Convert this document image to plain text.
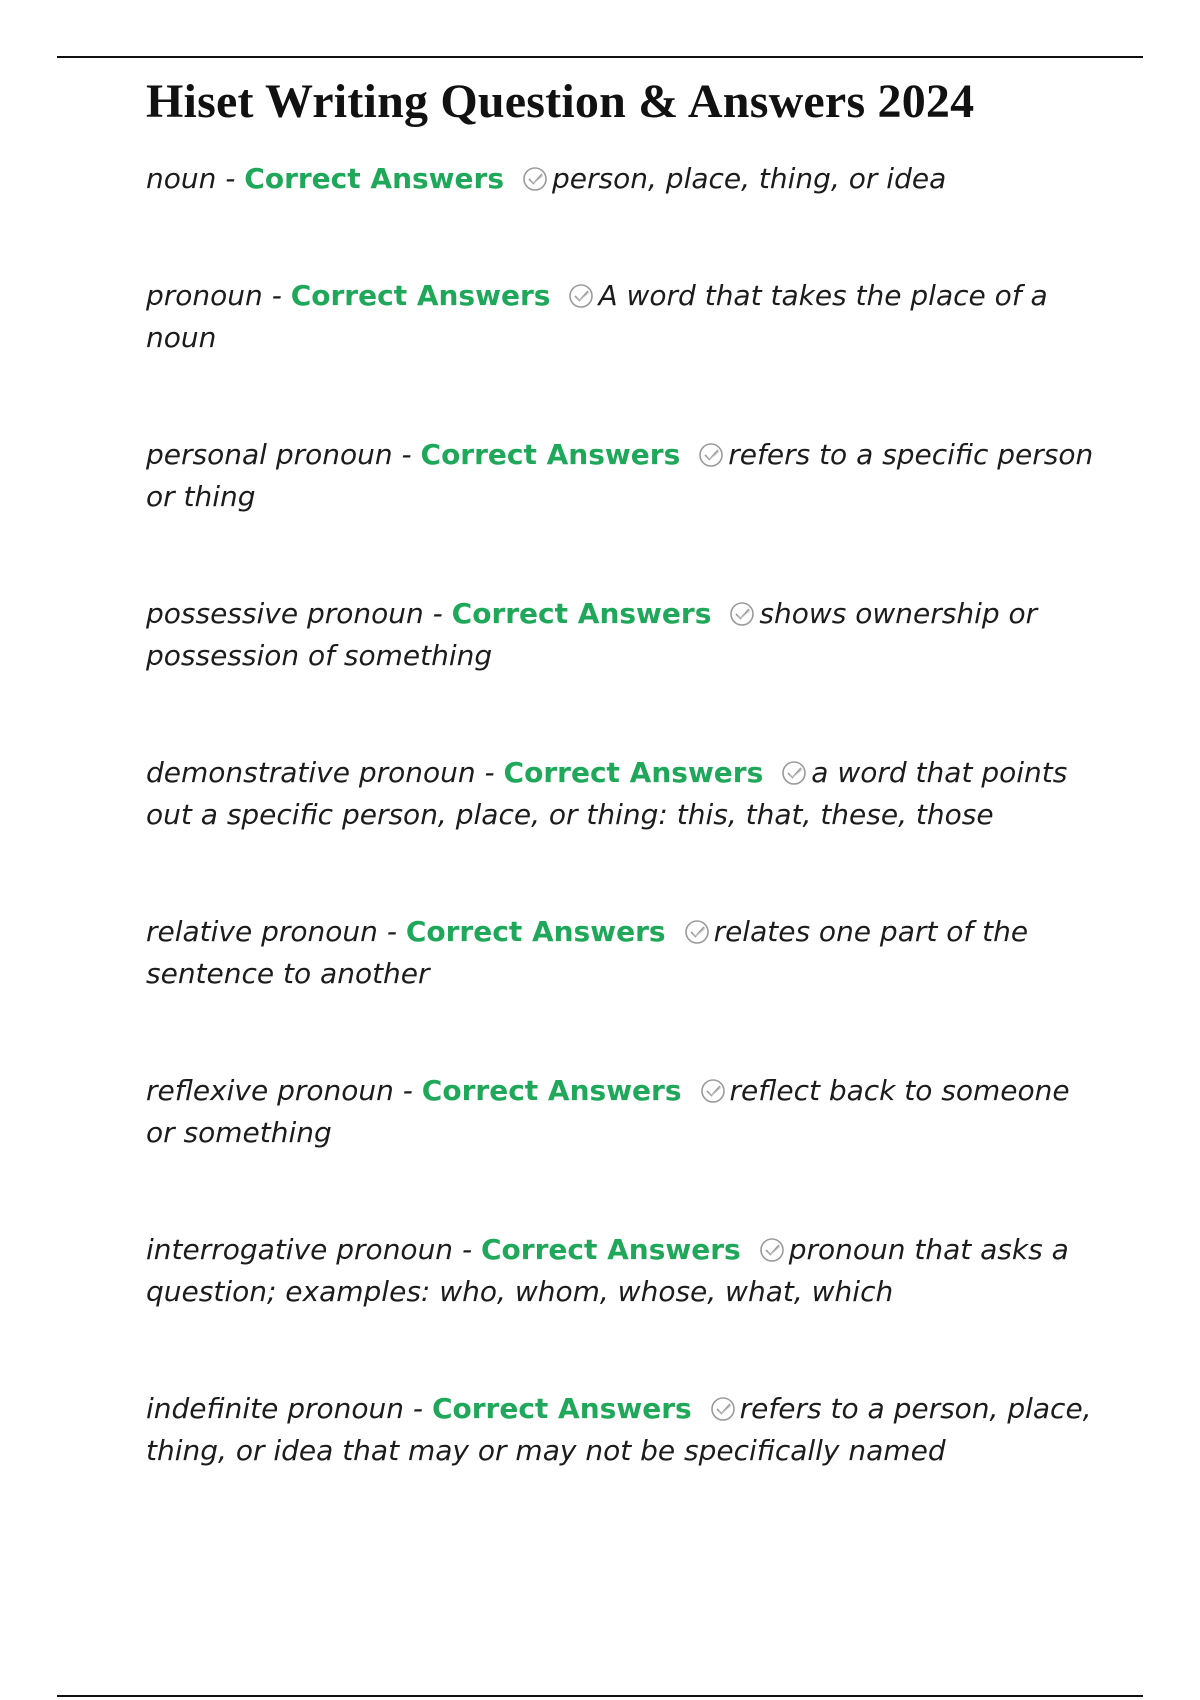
Hiset Writing Question & Answers 2024
noun - Correct Answers person, place, thing, or idea
pronoun - Correct Answers A word that takes the place of a noun
personal pronoun - Correct Answers refers to a specific person or thing
possessive pronoun - Correct Answers shows ownership or possession of something
demonstrative pronoun - Correct Answers a word that points out a specific person, place, or thing: this, that, these, those
relative pronoun - Correct Answers relates one part of the sentence to another
reflexive pronoun - Correct Answers reflect back to someone or something
interrogative pronoun - Correct Answers pronoun that asks a question; examples: who, whom, whose, what, which
indefinite pronoun - Correct Answers refers to a person, place, thing, or idea that may or may not be specifically named
